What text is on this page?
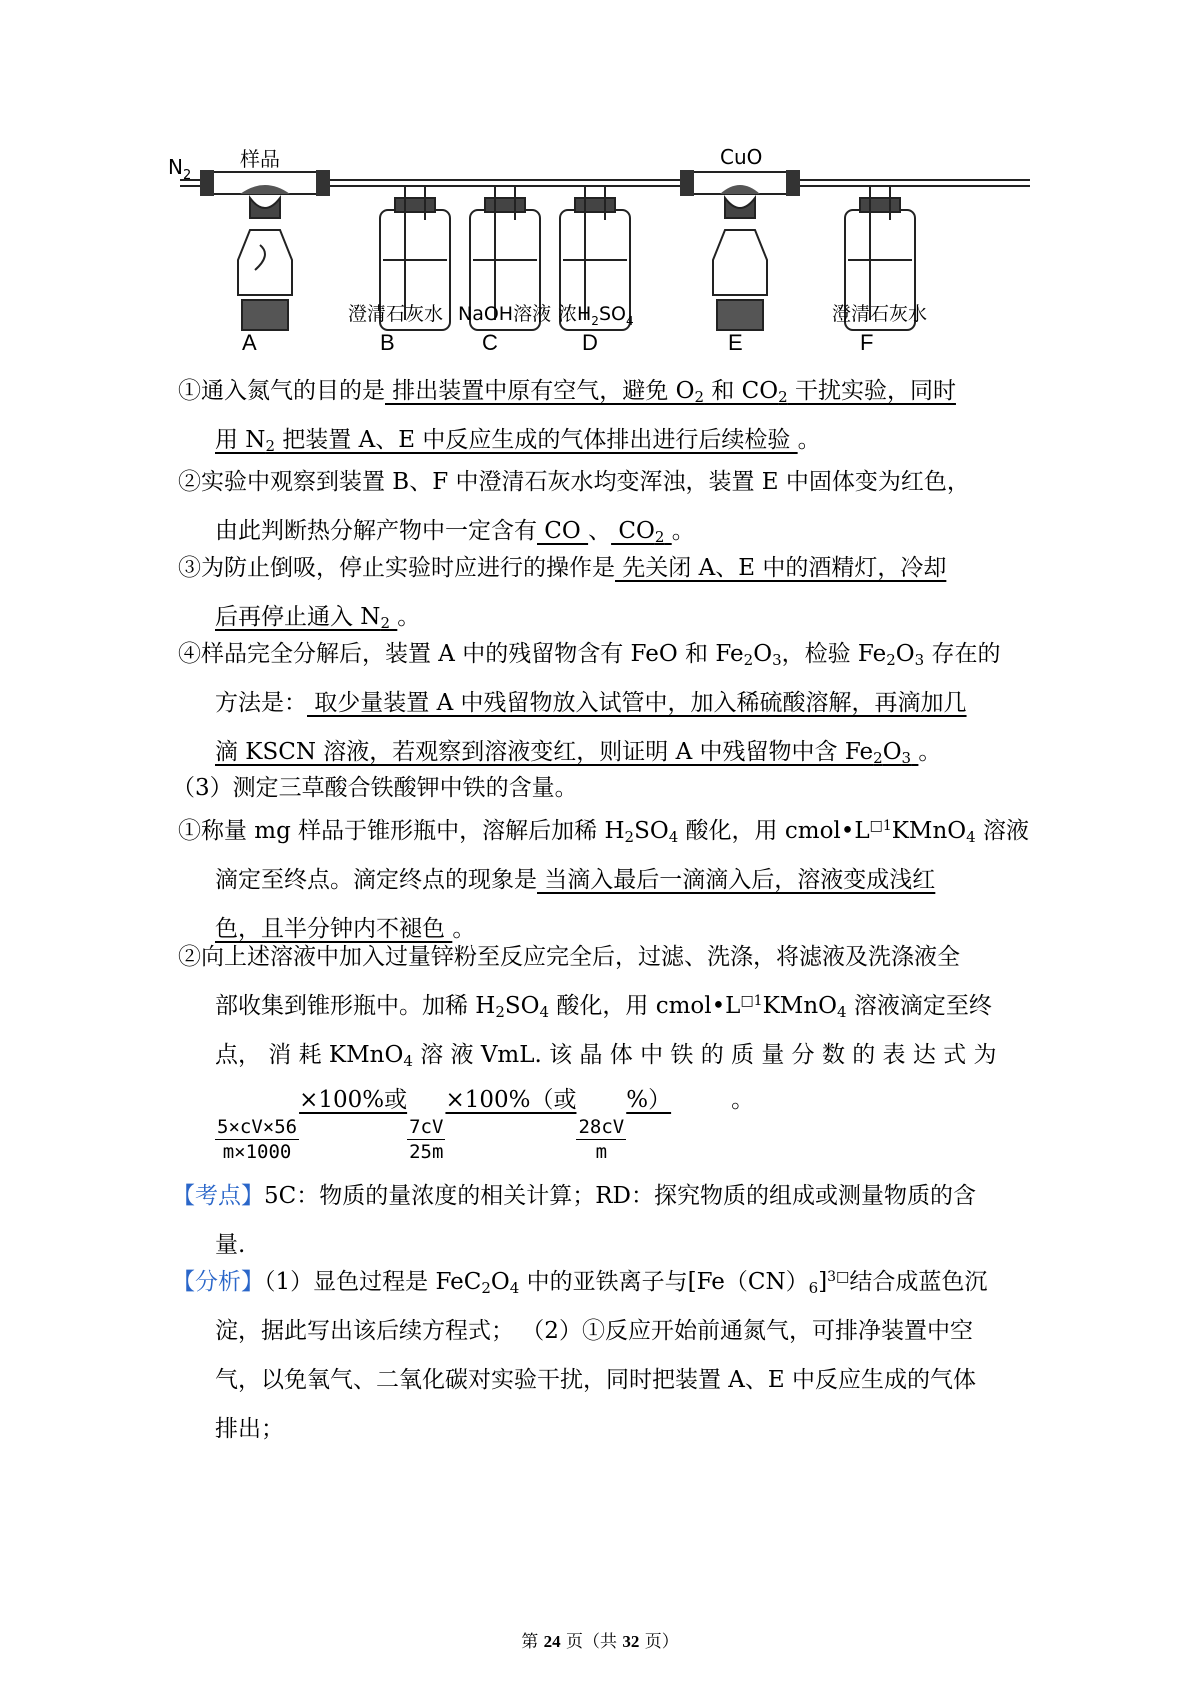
$N_2$
样品	CuO
澄清石灰水 NaOH溶液 浓$H_2SO_4$	澄清石灰水
A	B	C	D	E	F
①通入氮气的目的是 排出装置中原有空气，避免 $O_2$ 和 $CO_2$ 干扰实验，同时
用 $N_2$ 把装置 A、E 中反应生成的气体排出进行后续检验 。
②实验中观察到装置 B、F 中澄清石灰水均变浑浊，装置 E 中固体变为红色，
由此判断热分解产物中一定含有 CO 、 $CO_2$ 。
③为防止倒吸，停止实验时应进行的操作是 先关闭 A、E 中的酒精灯，冷却
后再停止通入 $N_2$ 。
④样品完全分解后，装置 A 中的残留物含有 FeO 和 $Fe_2O_3$，检验 $Fe_2O_3$ 存在的
方法是： 取少量装置 A 中残留物放入试管中，加入稀硫酸溶解，再滴加几
滴 KSCN 溶液，若观察到溶液变红，则证明 A 中残留物中含 $Fe_2O_3$ 。
（3）测定三草酸合铁酸钾中铁的含量。
①称量 mg 样品于锥形瓶中，溶解后加稀 $H_2SO_4$ 酸化，用 $cmol•L^{□1}KMnO_4$ 溶液
滴定至终点。滴定终点的现象是 当滴入最后一滴滴入后，溶液变成浅红
色，且半分钟内不褪色 。
②向上述溶液中加入过量锌粉至反应完全后，过滤、洗涤，将滤液及洗涤液全
部收集到锥形瓶中。加稀 $H_2SO_4$ 酸化，用 $cmol•L^{□1}KMnO_4$ 溶液滴定至终
点， 消 耗 KMnO$_4$ 溶 液 VmL. 该 晶 体 中 铁 的 质 量 分 数 的 表 达 式 为
$\frac{5\times cV\times 56}{m\times 1000}$
×100%或
$\frac{7cV}{25m}$
×100%（或
$\frac{28cV}{m}$
%）	。
【考点】5C：物质的量浓度的相关计算；RD：探究物质的组成或测量物质的含
量.
【分析】（1）显色过程是 $FeC_2O_4$ 中的亚铁离子与$[Fe(CN)_6]^{3□}$结合成蓝色沉
淀，据此写出该后续方程式； （2）①反应开始前通氮气，可排净装置中空
气，以免氧气、二氧化碳对实验干扰，同时把装置 A、E 中反应生成的气体
排出；
第 24 页（共 32 页）
